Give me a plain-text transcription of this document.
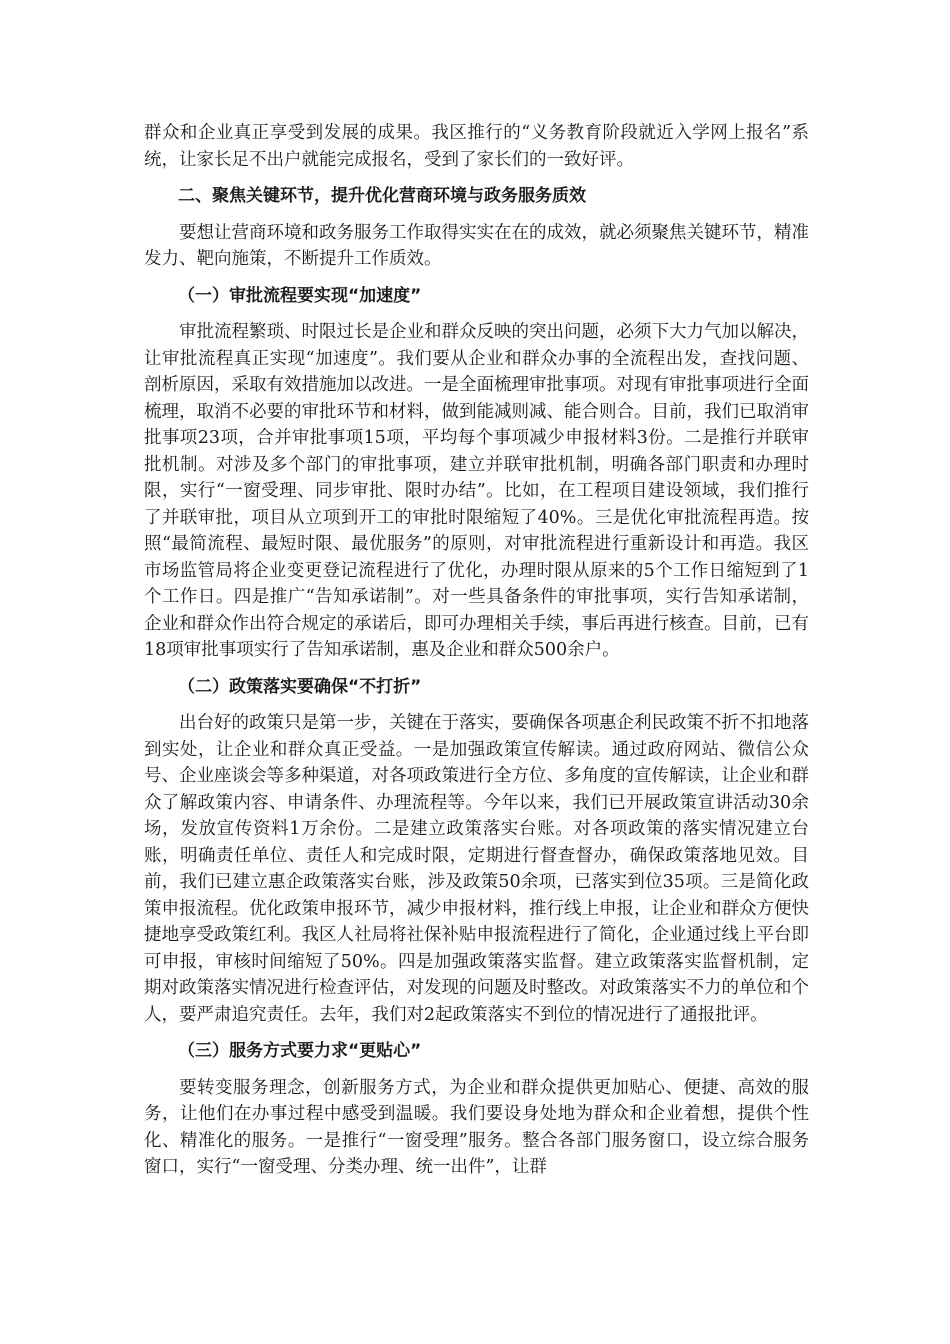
群众和企业真正享受到发展的成果。我区推行的“义务教育阶段就近入学网上报名”系统，让家长足不出户就能完成报名，受到了家长们的一致好评。

二、聚焦关键环节，提升优化营商环境与政务服务质效

要想让营商环境和政务服务工作取得实实在在的成效，就必须聚焦关键环节，精准发力、靶向施策，不断提升工作质效。

（一）审批流程要实现“加速度”

审批流程繁琐、时限过长是企业和群众反映的突出问题，必须下大力气加以解决，让审批流程真正实现“加速度”。我们要从企业和群众办事的全流程出发，查找问题、剖析原因，采取有效措施加以改进。一是全面梳理审批事项。对现有审批事项进行全面梳理，取消不必要的审批环节和材料，做到能减则减、能合则合。目前，我们已取消审批事项23项，合并审批事项15项，平均每个事项减少申报材料3份。二是推行并联审批机制。对涉及多个部门的审批事项，建立并联审批机制，明确各部门职责和办理时限，实行“一窗受理、同步审批、限时办结”。比如，在工程项目建设领域，我们推行了并联审批，项目从立项到开工的审批时限缩短了40%。三是优化审批流程再造。按照“最简流程、最短时限、最优服务”的原则，对审批流程进行重新设计和再造。我区市场监管局将企业变更登记流程进行了优化，办理时限从原来的5个工作日缩短到了1个工作日。四是推广“告知承诺制”。对一些具备条件的审批事项，实行告知承诺制，企业和群众作出符合规定的承诺后，即可办理相关手续，事后再进行核查。目前，已有18项审批事项实行了告知承诺制，惠及企业和群众500余户。

（二）政策落实要确保“不打折”

出台好的政策只是第一步，关键在于落实，要确保各项惠企利民政策不折不扣地落到实处，让企业和群众真正受益。一是加强政策宣传解读。通过政府网站、微信公众号、企业座谈会等多种渠道，对各项政策进行全方位、多角度的宣传解读，让企业和群众了解政策内容、申请条件、办理流程等。今年以来，我们已开展政策宣讲活动30余场，发放宣传资料1万余份。二是建立政策落实台账。对各项政策的落实情况建立台账，明确责任单位、责任人和完成时限，定期进行督查督办，确保政策落地见效。目前，我们已建立惠企政策落实台账，涉及政策50余项，已落实到位35项。三是简化政策申报流程。优化政策申报环节，减少申报材料，推行线上申报，让企业和群众方便快捷地享受政策红利。我区人社局将社保补贴申报流程进行了简化，企业通过线上平台即可申报，审核时间缩短了50%。四是加强政策落实监督。建立政策落实监督机制，定期对政策落实情况进行检查评估，对发现的问题及时整改。对政策落实不力的单位和个人，要严肃追究责任。去年，我们对2起政策落实不到位的情况进行了通报批评。

（三）服务方式要力求“更贴心”

要转变服务理念，创新服务方式，为企业和群众提供更加贴心、便捷、高效的服务，让他们在办事过程中感受到温暖。我们要设身处地为群众和企业着想，提供个性化、精准化的服务。一是推行“一窗受理”服务。整合各部门服务窗口，设立综合服务窗口，实行“一窗受理、分类办理、统一出件”，让群
